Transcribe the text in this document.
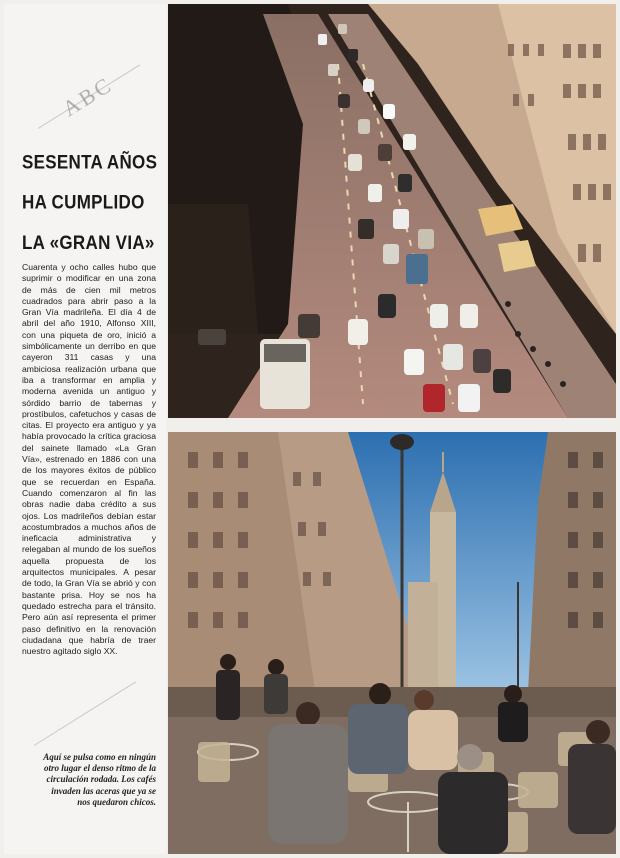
ABC
SESENTA AÑOS
HA CUMPLIDO
LA «GRAN VIA»
Cuarenta y ocho calles hubo que suprimir o modificar en una zona de más de cien mil metros cuadrados para abrir paso a la Gran Vía madrileña. El día 4 de abril del año 1910, Alfonso XIII, con una piqueta de oro, inició a simbólicamente un derribo en que cayeron 311 casas y una ambiciosa realización urbana que iba a transformar en amplia y moderna avenida un antiguo y sórdido barrio de tabernas y prostíbulos, cafetuchos y casas de citas. El proyecto era antiguo y ya había provocado la crítica graciosa del sainete llamado «La Gran Vía», estrenado en 1886 con una de los mayores éxitos de público que se recuerdan en España. Cuando comenzaron al fin las obras nadie daba crédito a sus ojos. Los madrileños debían estar acostumbrados a muchos años de ineficacia administrativa y relegaban al mundo de los sueños aquella propuesta de los arquitectos municipales. A pesar de todo, la Gran Vía se abrió y con bastante prisa. Hoy se nos ha quedado estrecha para el tránsito. Pero aún así representa el primer paso definitivo en la renovación ciudadana que habría de traer nuestro agitado siglo XX.
Aquí se pulsa como en ningún otro lugar el denso ritmo de la circulación rodada. Los cafés invaden las aceras que ya se nos quedaron chicos.
